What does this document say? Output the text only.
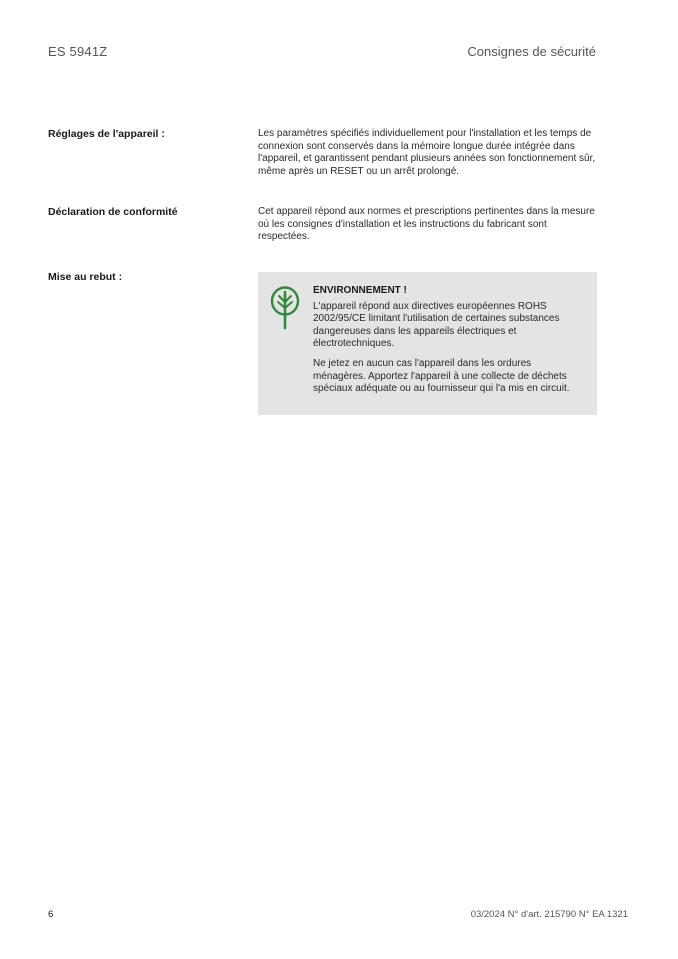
ES 5941Z	Consignes de sécurité
Réglages de l'appareil :	Les paramètres spécifiés individuellement pour l'installation et les temps de connexion sont conservés dans la mémoire longue durée intégrée dans l'appareil, et garantissent pendant plusieurs années son fonctionnement sûr, même après un RESET ou un arrêt prolongé.
Déclaration de conformité	Cet appareil répond aux normes et prescriptions pertinentes dans la mesure où les consignes d'installation et les instructions du fabricant sont respectées.
Mise au rebut :

ENVIRONNEMENT !

L'appareil répond aux directives européennes ROHS 2002/95/CE limitant l'utilisation de certaines substances dangereuses dans les appareils électriques et électrotechniques.

Ne jetez en aucun cas l'appareil dans les ordures ménagères. Apportez l'appareil à une collecte de déchets spéciaux adéquate ou au fournisseur qui l'a mis en circuit.

6	03/2024 N° d'art. 215790 N° EA 1321
